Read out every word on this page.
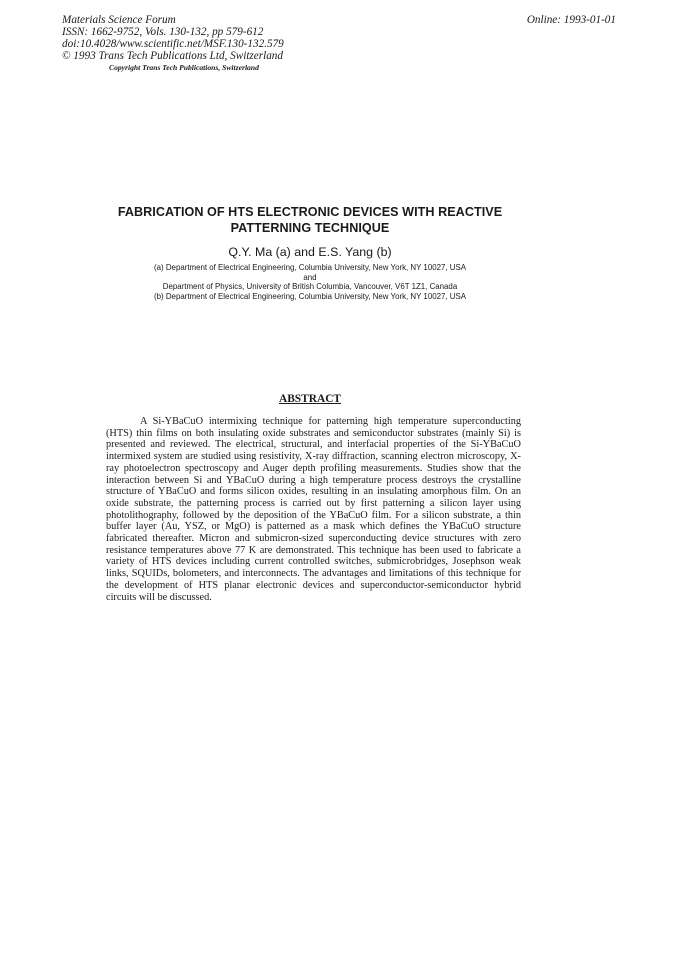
Materials Science Forum
ISSN: 1662-9752, Vols. 130-132, pp 579-612
doi:10.4028/www.scientific.net/MSF.130-132.579
© 1993 Trans Tech Publications Ltd, Switzerland
Copyright Trans Tech Publications, Switzerland
Online: 1993-01-01
FABRICATION OF HTS ELECTRONIC DEVICES WITH REACTIVE
PATTERNING TECHNIQUE
Q.Y. Ma (a) and E.S. Yang (b)
(a) Department of Electrical Engineering, Columbia University, New York, NY 10027, USA
and
Department of Physics, University of British Columbia, Vancouver, V6T 1Z1, Canada
(b) Department of Electrical Engineering, Columbia University, New York, NY 10027, USA
ABSTRACT

A Si-YBaCuO intermixing technique for patterning high temperature superconducting (HTS) thin films on both insulating oxide substrates and semiconductor substrates (mainly Si) is presented and reviewed. The electrical, structural, and interfacial properties of the Si-YBaCuO intermixed system are studied using resistivity, X-ray diffraction, scanning electron microscopy, X-ray photoelectron spectroscopy and Auger depth profiling measurements. Studies show that the interaction between Si and YBaCuO during a high temperature process destroys the crystalline structure of YBaCuO and forms silicon oxides, resulting in an insulating amorphous film. On an oxide substrate, the patterning process is carried out by first patterning a silicon layer using photolithography, followed by the deposition of the YBaCuO film. For a silicon substrate, a thin buffer layer (Au, YSZ, or MgO) is patterned as a mask which defines the YBaCuO structure fabricated thereafter. Micron and submicron-sized superconducting device structures with zero resistance temperatures above 77 K are demonstrated. This technique has been used to fabricate a variety of HTS devices including current controlled switches, submicrobridges, Josephson weak links, SQUIDs, bolometers, and interconnects. The advantages and limitations of this technique for the development of HTS planar electronic devices and superconductor-semiconductor hybrid circuits will be discussed.
